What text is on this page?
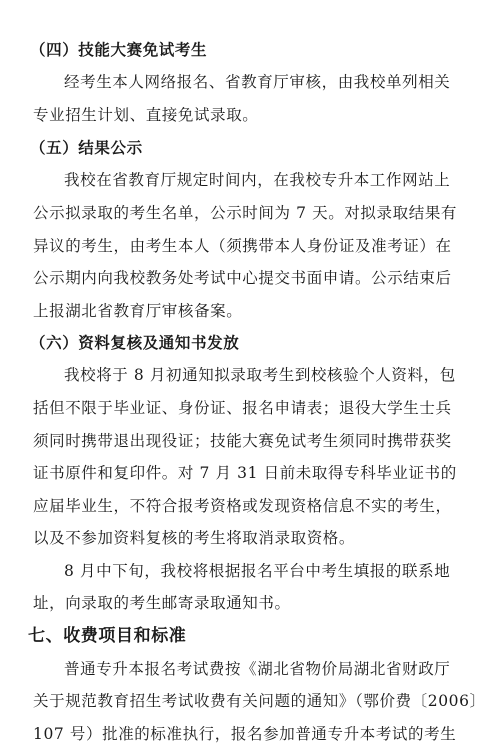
（四）技能大赛免试考生
经考生本人网络报名、省教育厅审核，由我校单列相关
专业招生计划、直接免试录取。
（五）结果公示
我校在省教育厅规定时间内，在我校专升本工作网站上
公示拟录取的考生名单，公示时间为 7 天。对拟录取结果有
异议的考生，由考生本人（须携带本人身份证及准考证）在
公示期内向我校教务处考试中心提交书面申请。公示结束后
上报湖北省教育厅审核备案。
（六）资料复核及通知书发放
我校将于 8 月初通知拟录取考生到校核验个人资料，包
括但不限于毕业证、身份证、报名申请表；退役大学生士兵
须同时携带退出现役证；技能大赛免试考生须同时携带获奖
证书原件和复印件。对 7 月 31 日前未取得专科毕业证书的
应届毕业生，不符合报考资格或发现资格信息不实的考生，
以及不参加资料复核的考生将取消录取资格。
8 月中下旬，我校将根据报名平台中考生填报的联系地
址，向录取的考生邮寄录取通知书。
七、收费项目和标准
普通专升本报名考试费按《湖北省物价局湖北省财政厅
关于规范教育招生考试收费有关问题的通知》（鄂价费〔2006〕
107 号）批准的标准执行，报名参加普通专升本考试的考生
